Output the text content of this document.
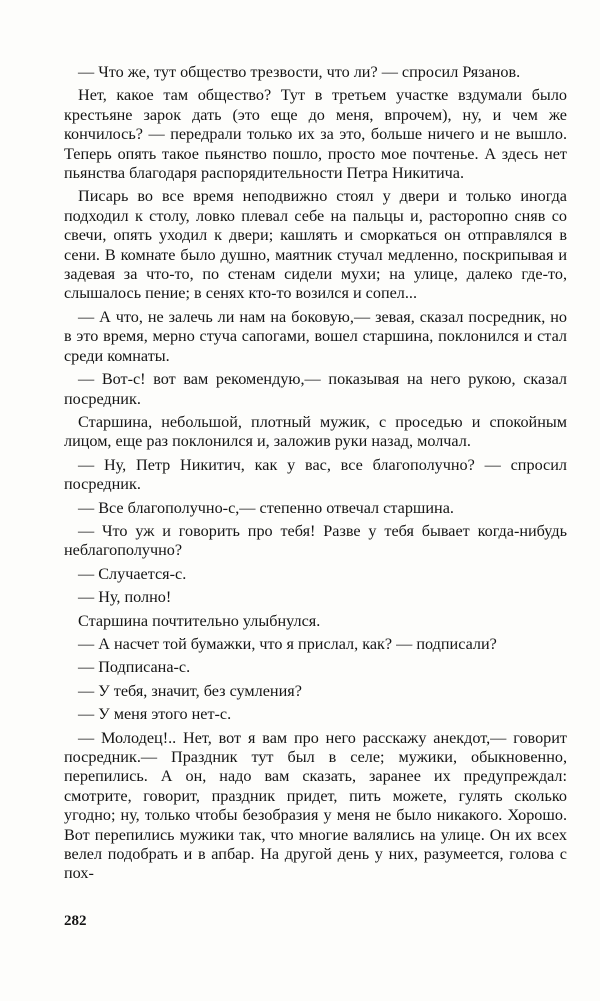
— Что же, тут общество трезвости, что ли? — спросил Рязанов.

Нет, какое там общество? Тут в третьем участке вздумали было крестьяне зарок дать (это еще до меня, впрочем), ну, и чем же кончилось? — передрали только их за это, больше ничего и не вышло. Теперь опять такое пьянство пошло, просто мое почтенье. А здесь нет пьянства благодаря распорядительности Петра Никитича.

Писарь во все время неподвижно стоял у двери и только иногда подходил к столу, ловко плевал себе на пальцы и, расторопно сняв со свечи, опять уходил к двери; кашлять и сморкаться он отправлялся в сени. В комнате было душно, маятник стучал медленно, поскрипывая и задевая за что-то, по стенам сидели мухи; на улице, далеко где-то, слышалось пение; в сенях кто-то возился и сопел...

— А что, не залечь ли нам на боковую,— зевая, сказал посредник, но в это время, мерно стуча сапогами, вошел старшина, поклонился и стал среди комнаты.

— Вот-с! вот вам рекомендую,— показывая на него рукою, сказал посредник.

Старшина, небольшой, плотный мужик, с проседью и спокойным лицом, еще раз поклонился и, заложив руки назад, молчал.

— Ну, Петр Никитич, как у вас, все благополучно? — спросил посредник.

— Все благополучно-с,— степенно отвечал старшина.

— Что уж и говорить про тебя! Разве у тебя бывает когда-нибудь неблагополучно?

— Случается-с.

— Ну, полно!

Старшина почтительно улыбнулся.

— А насчет той бумажки, что я прислал, как? — подписали?

— Подписана-с.

— У тебя, значит, без сумления?

— У меня этого нет-с.

— Молодец!.. Нет, вот я вам про него расскажу анекдот,— говорит посредник.— Праздник тут был в селе; мужики, обыкновенно, перепились. А он, надо вам сказать, заранее их предупреждал: смотрите, говорит, праздник придет, пить можете, гулять сколько угодно; ну, только чтобы безобразия у меня не было никакого. Хорошо. Вот перепились мужики так, что многие валялись на улице. Он их всех велел подобрать и в апбар. На другой день у них, разумеется, голова с пох-

282
